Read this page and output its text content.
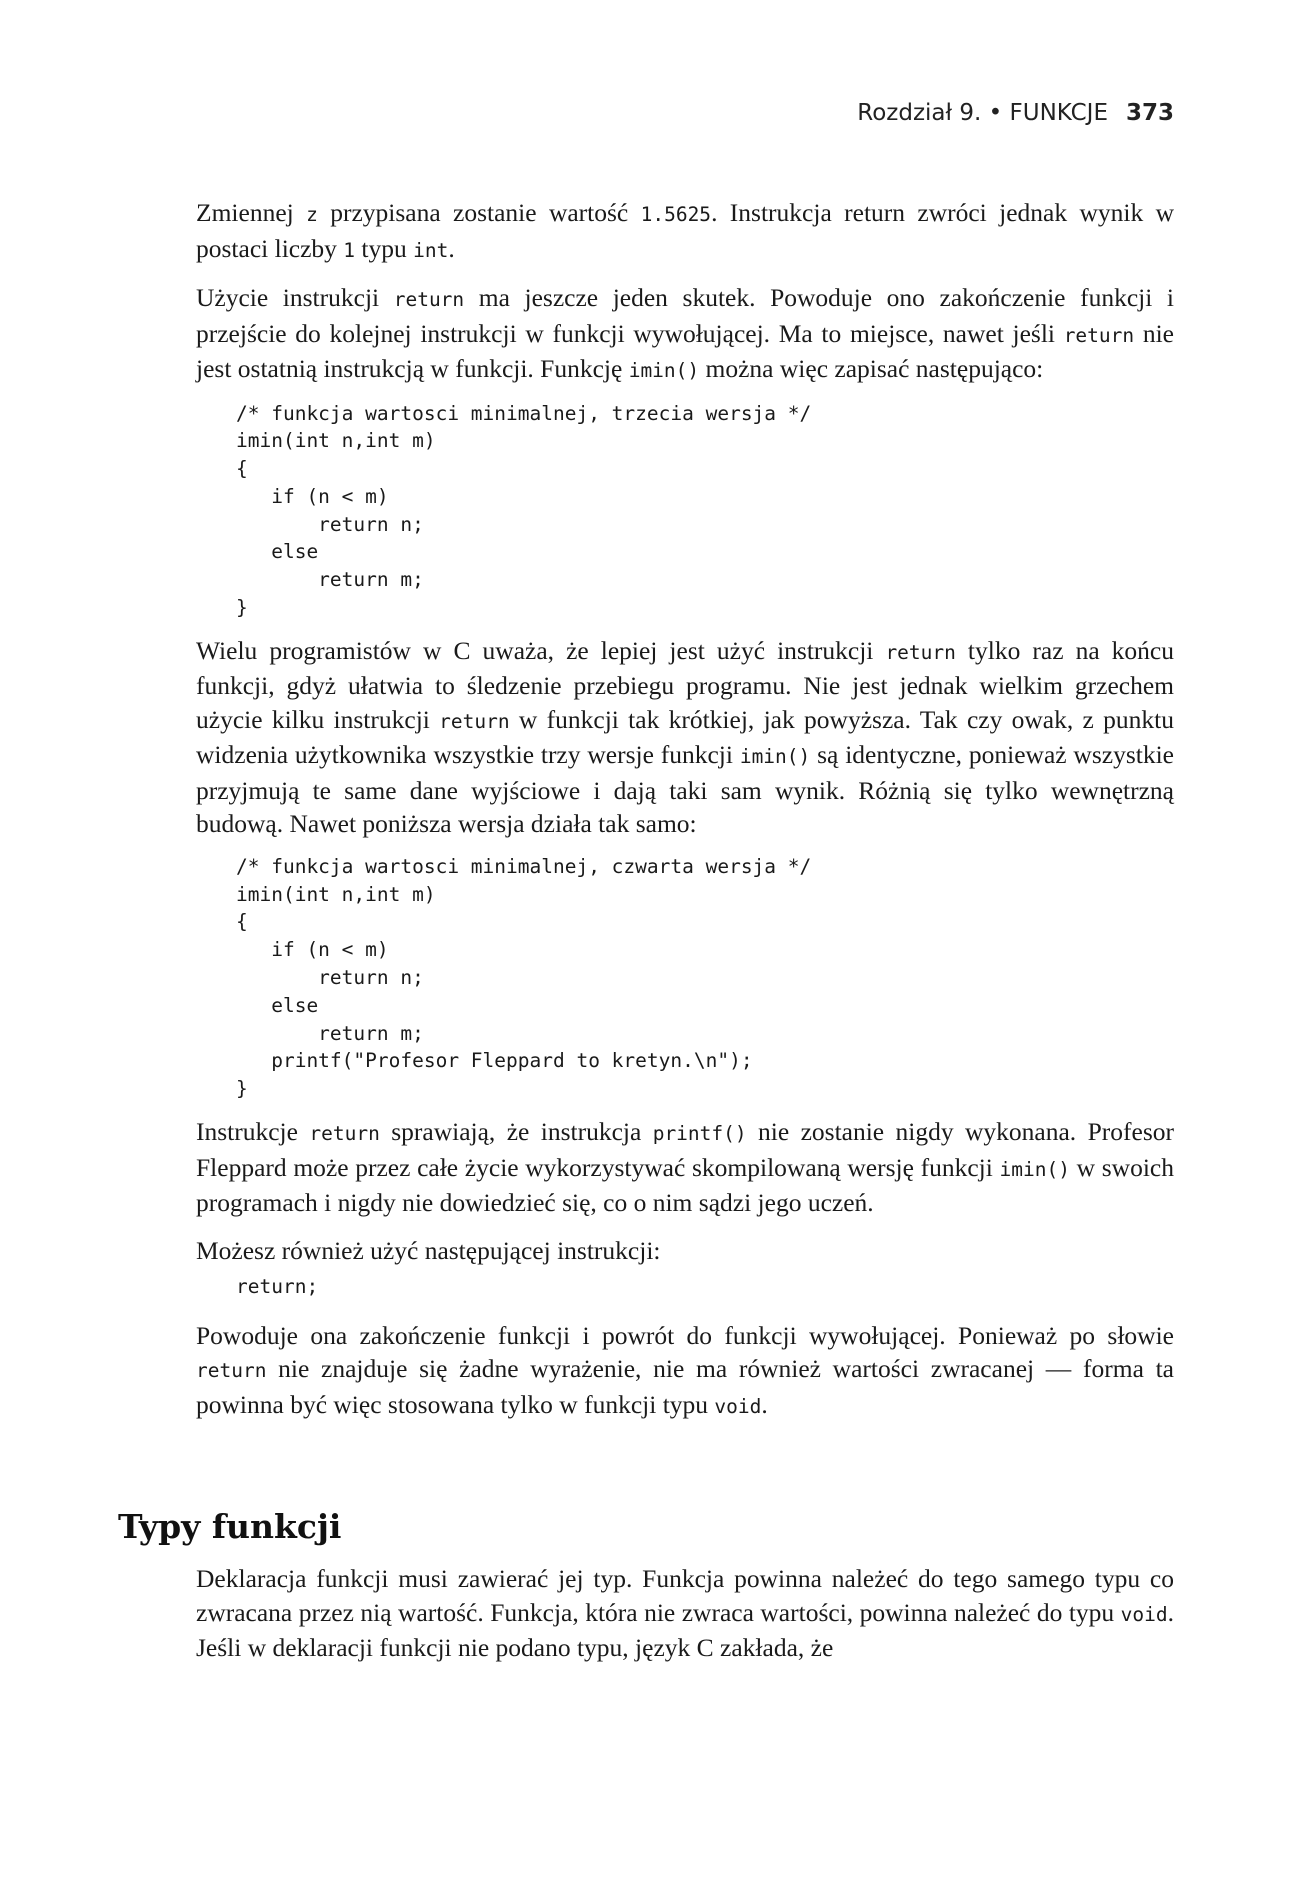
Rozdział 9. • FUNKCJE 373

Zmiennej z przypisana zostanie wartość 1.5625. Instrukcja return zwróci jednak wynik w postaci liczby 1 typu int.

Użycie instrukcji return ma jeszcze jeden skutek. Powoduje ono zakończenie funkcji i przejście do kolejnej instrukcji w funkcji wywołującej. Ma to miejsce, nawet jeśli return nie jest ostatnią instrukcją w funkcji. Funkcję imin() można więc zapisać następująco:

/* funkcja wartosci minimalnej, trzecia wersja */
imin(int n,int m)
{
if (n < m)
return n;
else
return m;
}

Wielu programistów w C uważa, że lepiej jest użyć instrukcji return tylko raz na końcu funkcji, gdyż ułatwia to śledzenie przebiegu programu. Nie jest jednak wielkim grzechem użycie kilku instrukcji return w funkcji tak krótkiej, jak powyższa. Tak czy owak, z punktu widzenia użytkownika wszystkie trzy wersje funkcji imin() są identyczne, ponieważ wszystkie przyjmują te same dane wyjściowe i dają taki sam wynik. Różnią się tylko wewnętrzną budową. Nawet poniższa wersja działa tak samo:

/* funkcja wartosci minimalnej, czwarta wersja */
imin(int n,int m)
{
if (n < m)
return n;
else
return m;
printf("Profesor Fleppard to kretyn.\n");
}

Instrukcje return sprawiają, że instrukcja printf() nie zostanie nigdy wykonana. Profesor Fleppard może przez całe życie wykorzystywać skompilowaną wersję funkcji imin() w swoich programach i nigdy nie dowiedzieć się, co o nim sądzi jego uczeń.

Możesz również użyć następującej instrukcji:

return;

Powoduje ona zakończenie funkcji i powrót do funkcji wywołującej. Ponieważ po słowie return nie znajduje się żadne wyrażenie, nie ma również wartości zwracanej — forma ta powinna być więc stosowana tylko w funkcji typu void.

Typy funkcji

Deklaracja funkcji musi zawierać jej typ. Funkcja powinna należeć do tego samego typu co zwracana przez nią wartość. Funkcja, która nie zwraca wartości, powinna należeć do typu void. Jeśli w deklaracji funkcji nie podano typu, język C zakłada, że
